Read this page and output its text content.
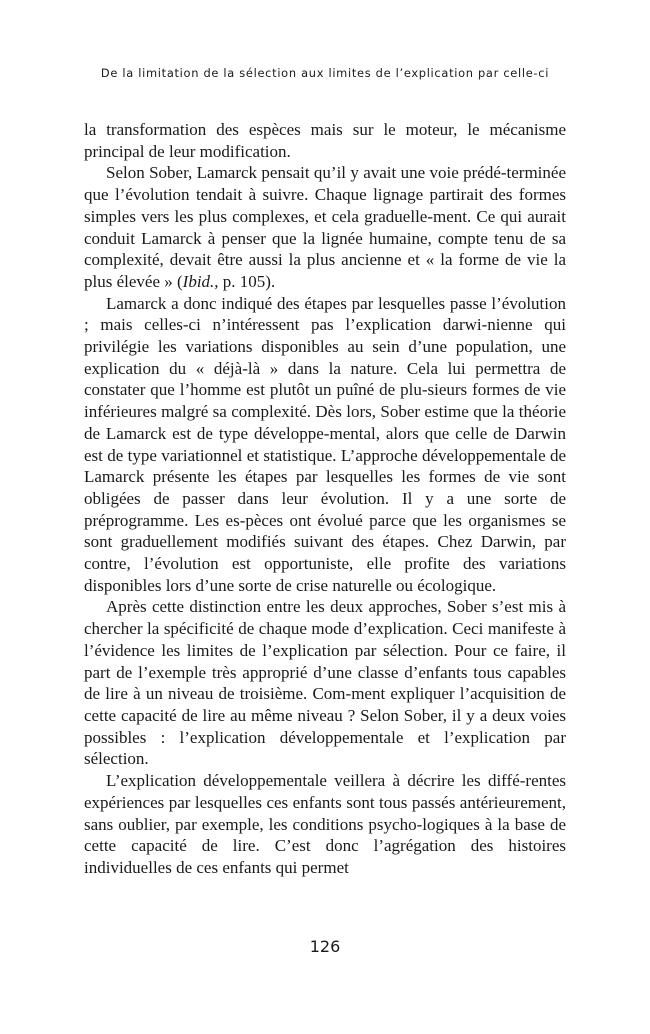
De la limitation de la sélection aux limites de l’explication par celle-ci

la transformation des espèces mais sur le moteur, le mécanisme principal de leur modification.

Selon Sober, Lamarck pensait qu’il y avait une voie prédé-terminée que l’évolution tendait à suivre. Chaque lignage partirait des formes simples vers les plus complexes, et cela graduelle-ment. Ce qui aurait conduit Lamarck à penser que la lignée humaine, compte tenu de sa complexité, devait être aussi la plus ancienne et « la forme de vie la plus élevée » (Ibid., p. 105).

Lamarck a donc indiqué des étapes par lesquelles passe l’évolution ; mais celles-ci n’intéressent pas l’explication darwi-nienne qui privilégie les variations disponibles au sein d’une population, une explication du « déjà-là » dans la nature. Cela lui permettra de constater que l’homme est plutôt un puîné de plu-sieurs formes de vie inférieures malgré sa complexité. Dès lors, Sober estime que la théorie de Lamarck est de type développe-mental, alors que celle de Darwin est de type variationnel et statistique. L’approche développementale de Lamarck présente les étapes par lesquelles les formes de vie sont obligées de passer dans leur évolution. Il y a une sorte de préprogramme. Les es-pèces ont évolué parce que les organismes se sont graduellement modifiés suivant des étapes. Chez Darwin, par contre, l’évolution est opportuniste, elle profite des variations disponibles lors d’une sorte de crise naturelle ou écologique.

Après cette distinction entre les deux approches, Sober s’est mis à chercher la spécificité de chaque mode d’explication. Ceci manifeste à l’évidence les limites de l’explication par sélection. Pour ce faire, il part de l’exemple très approprié d’une classe d’enfants tous capables de lire à un niveau de troisième. Com-ment expliquer l’acquisition de cette capacité de lire au même niveau ? Selon Sober, il y a deux voies possibles : l’explication développementale et l’explication par sélection.

L’explication développementale veillera à décrire les diffé-rentes expériences par lesquelles ces enfants sont tous passés antérieurement, sans oublier, par exemple, les conditions psycho-logiques à la base de cette capacité de lire. C’est donc l’agrégation des histoires individuelles de ces enfants qui permet

126
